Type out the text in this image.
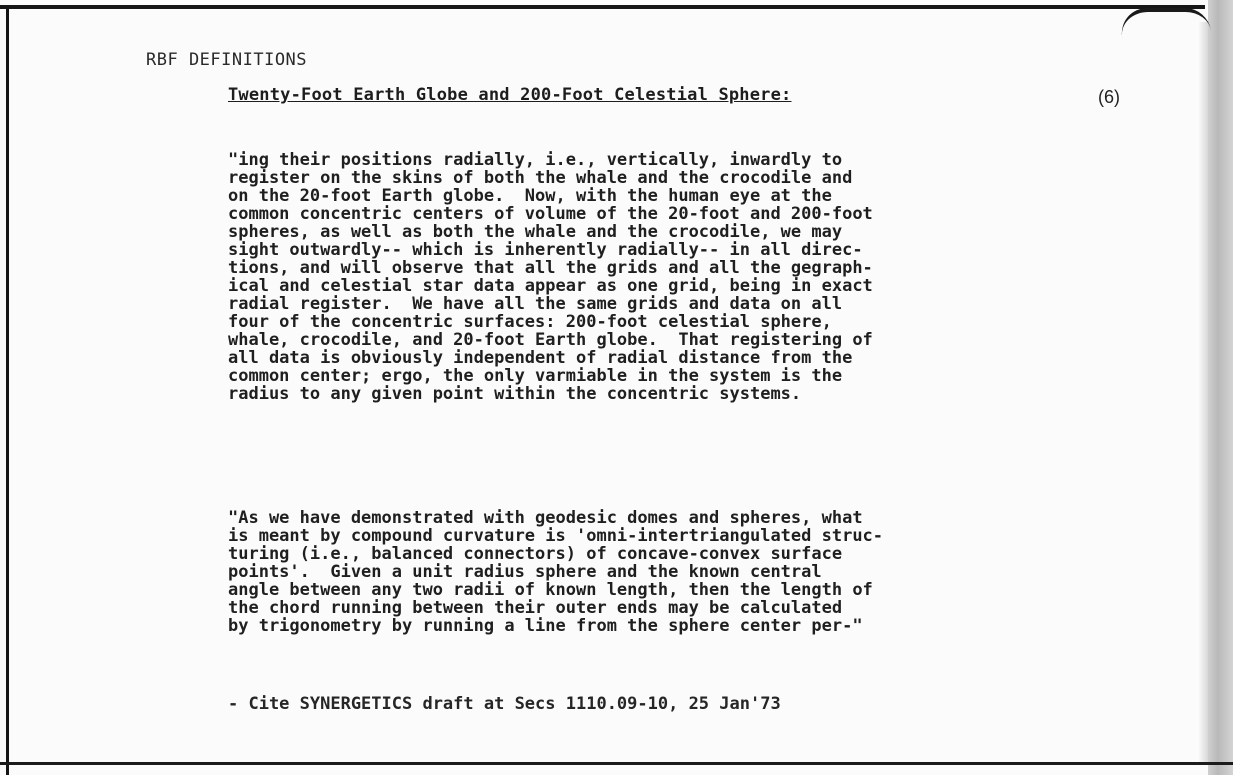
RBF DEFINITIONS
Twenty-Foot Earth Globe and 200-Foot Celestial Sphere:	(6)

"ing their positions radially, i.e., vertically, inwardly to
register on the skins of both the whale and the crocodile and
on the 20-foot Earth globe.  Now, with the human eye at the
common concentric centers of volume of the 20-foot and 200-foot
spheres, as well as both the whale and the crocodile, we may
sight outwardly-- which is inherently radially-- in all direc-
tions, and will observe that all the grids and all the gegraph-
ical and celestial star data appear as one grid, being in exact
radial register.  We have all the same grids and data on all
four of the concentric surfaces: 200-foot celestial sphere,
whale, crocodile, and 20-foot Earth globe.  That registering of
all data is obviously independent of radial distance from the
common center; ergo, the only varmiable in the system is the
radius to any given point within the concentric systems.

"As we have demonstrated with geodesic domes and spheres, what
is meant by compound curvature is 'omni-intertriangulated struc-
turing (i.e., balanced connectors) of concave-convex surface
points'.  Given a unit radius sphere and the known central
angle between any two radii of known length, then the length of
the chord running between their outer ends may be calculated
by trigonometry by running a line from the sphere center per-"

- Cite SYNERGETICS draft at Secs 1110.09-10, 25 Jan'73
